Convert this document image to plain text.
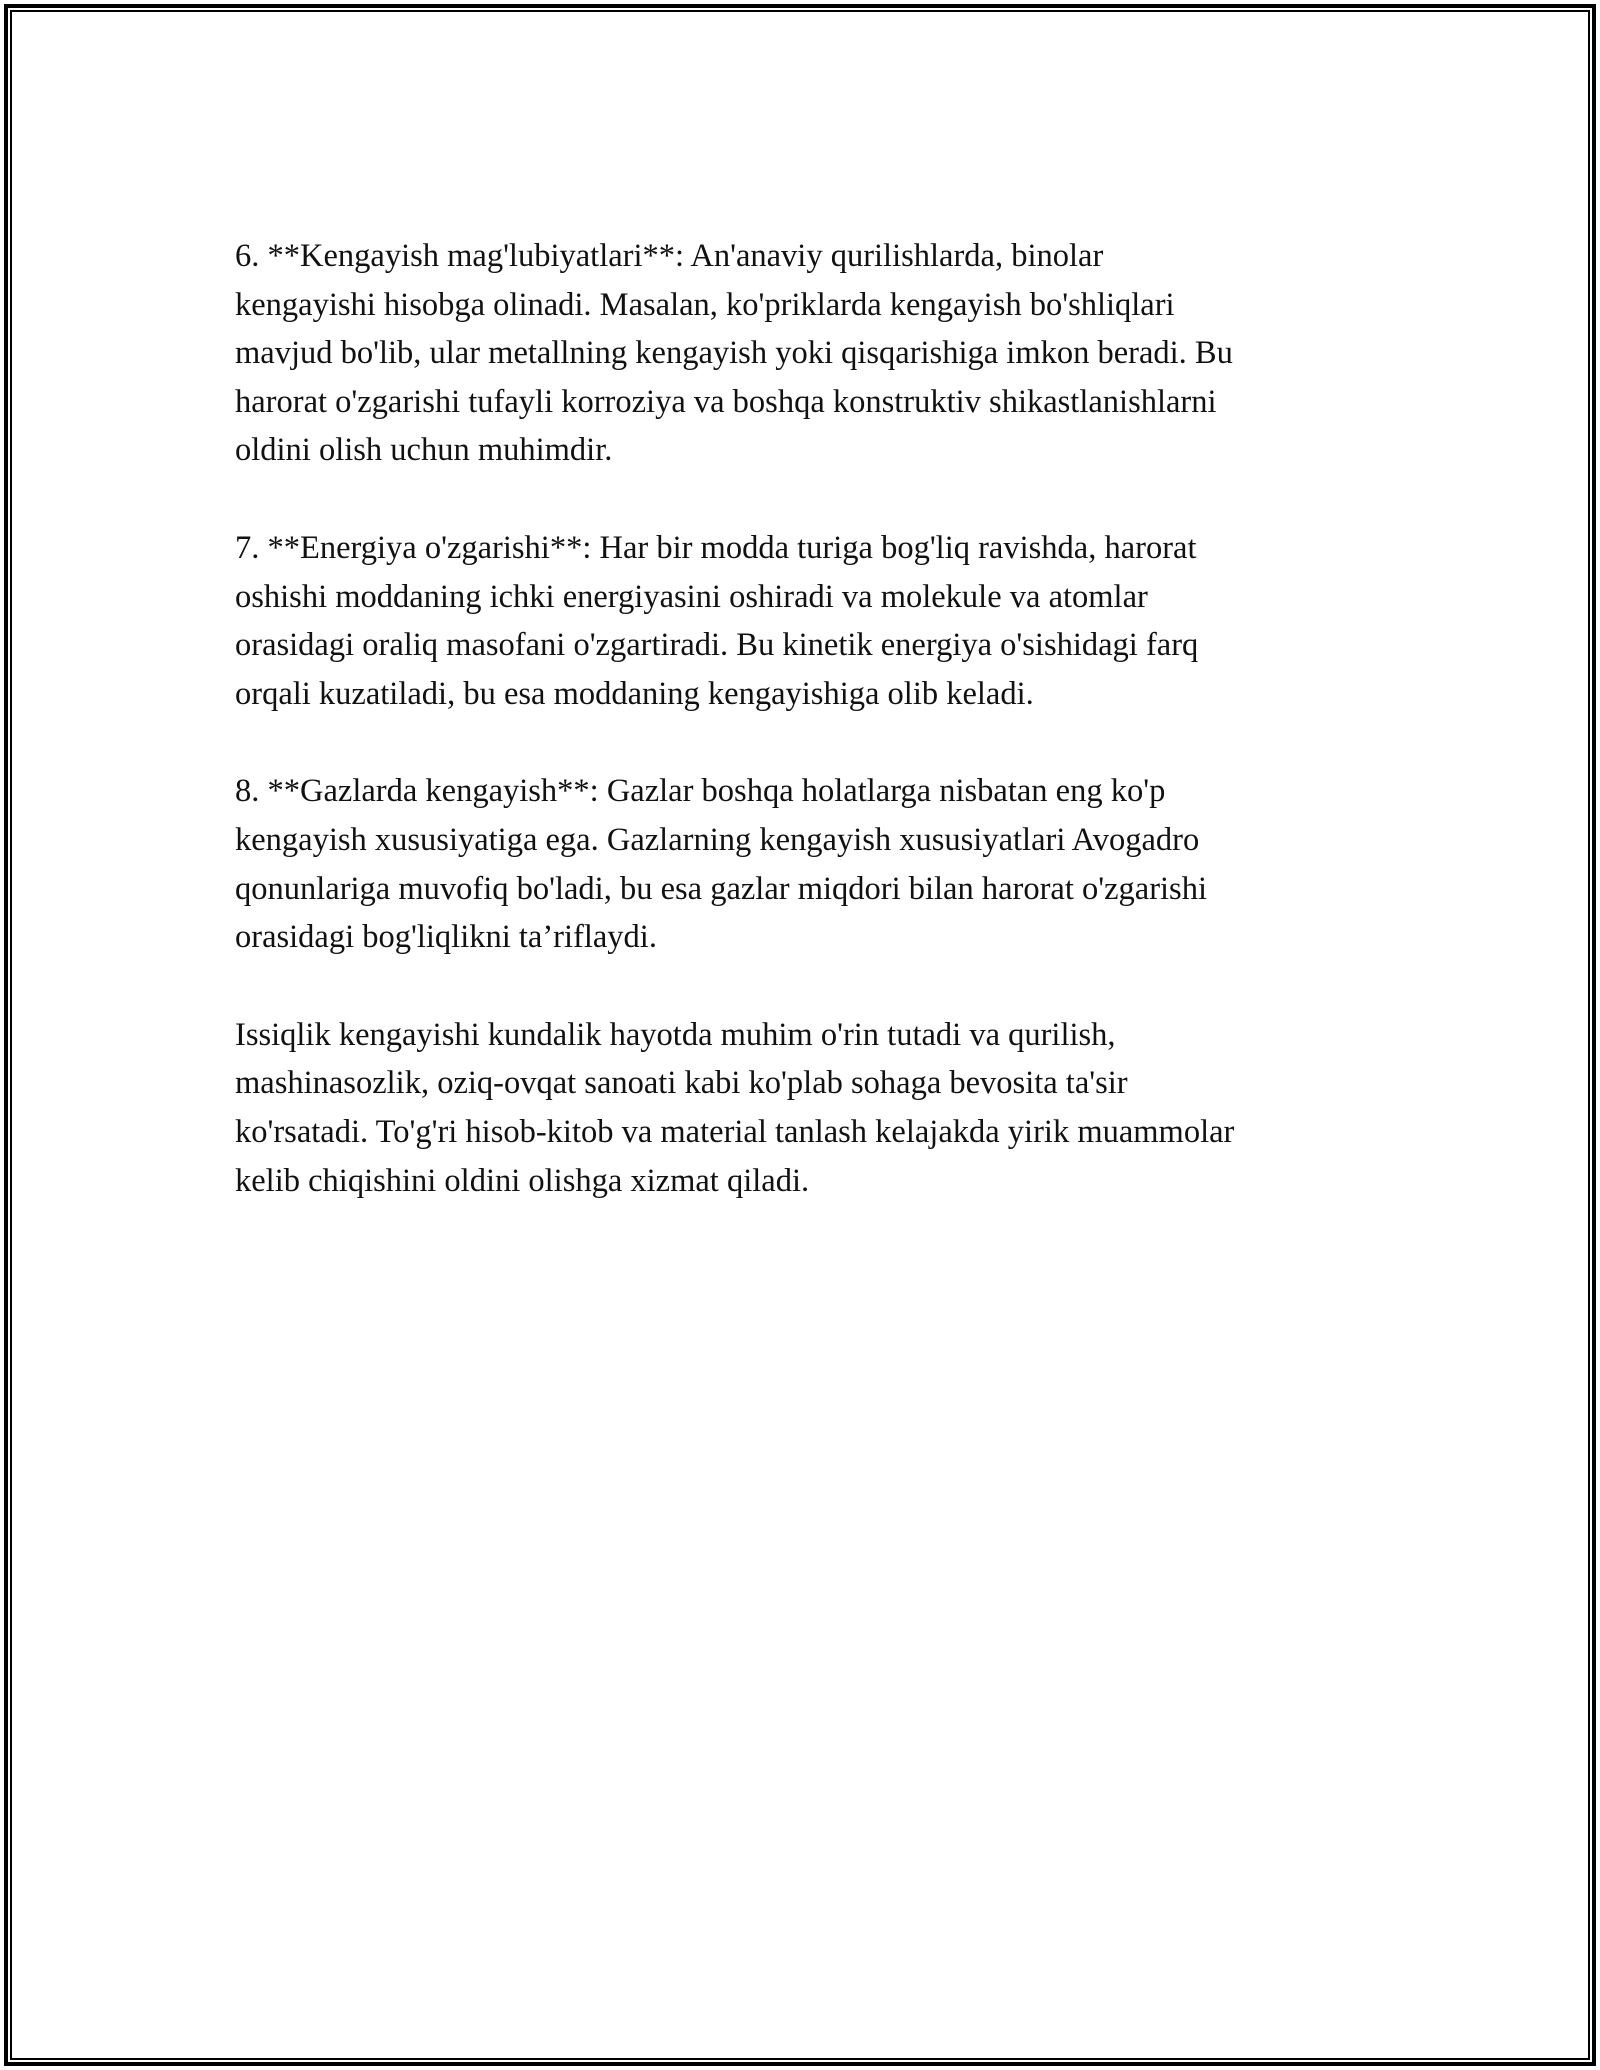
6. **Kengayish mag'lubiyatlari**: An'anaviy qurilishlarda, binolar
kengayishi hisobga olinadi. Masalan, ko'priklarda kengayish bo'shliqlari
mavjud bo'lib, ular metallning kengayish yoki qisqarishiga imkon beradi. Bu
harorat o'zgarishi tufayli korroziya va boshqa konstruktiv shikastlanishlarni
oldini olish uchun muhimdir.

7. **Energiya o'zgarishi**: Har bir modda turiga bog'liq ravishda, harorat
oshishi moddaning ichki energiyasini oshiradi va molekule va atomlar
orasidagi oraliq masofani o'zgartiradi. Bu kinetik energiya o'sishidagi farq
orqali kuzatiladi, bu esa moddaning kengayishiga olib keladi.

8. **Gazlarda kengayish**: Gazlar boshqa holatlarga nisbatan eng ko'p
kengayish xususiyatiga ega. Gazlarning kengayish xususiyatlari Avogadro
qonunlariga muvofiq bo'ladi, bu esa gazlar miqdori bilan harorat o'zgarishi
orasidagi bog'liqlikni ta’riflaydi.

Issiqlik kengayishi kundalik hayotda muhim o'rin tutadi va qurilish,
mashinasozlik, oziq-ovqat sanoati kabi ko'plab sohaga bevosita ta'sir
ko'rsatadi. To'g'ri hisob-kitob va material tanlash kelajakda yirik muammolar
kelib chiqishini oldini olishga xizmat qiladi.
